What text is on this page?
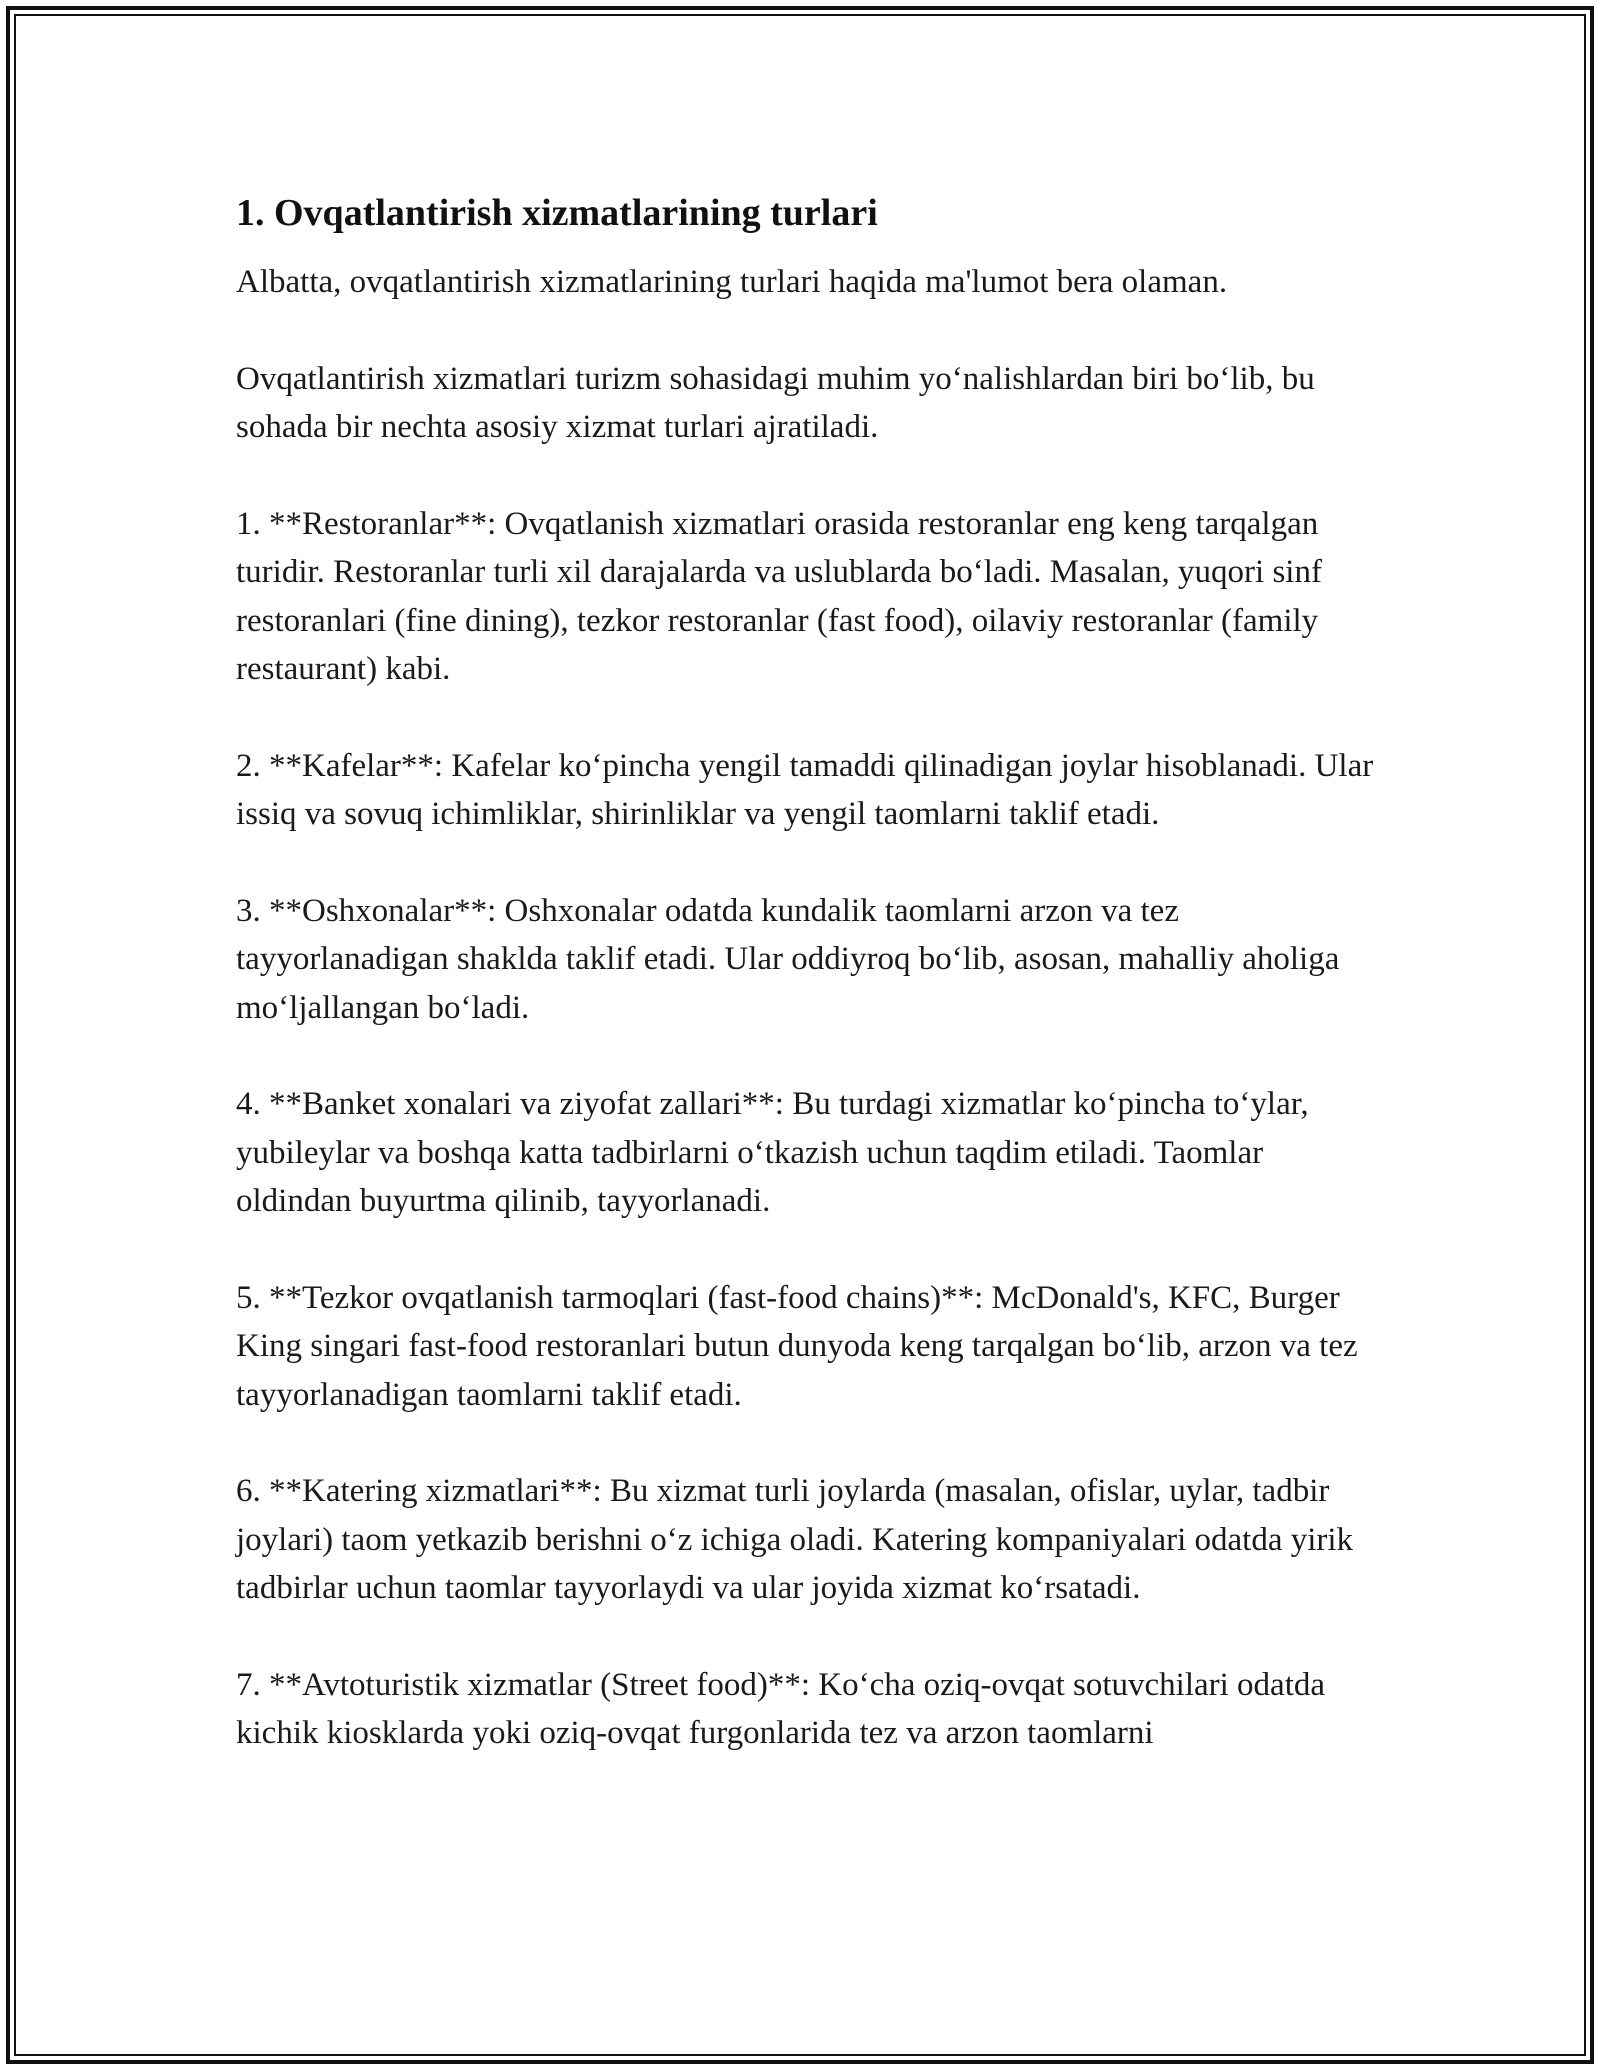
1. Ovqatlantirish xizmatlarining turlari

Albatta, ovqatlantirish xizmatlarining turlari haqida ma'lumot bera olaman.

Ovqatlantirish xizmatlari turizm sohasidagi muhim yo‘nalishlardan biri bo‘lib, bu sohada bir nechta asosiy xizmat turlari ajratiladi.

1. **Restoranlar**: Ovqatlanish xizmatlari orasida restoranlar eng keng tarqalgan turidir. Restoranlar turli xil darajalarda va uslublarda bo‘ladi. Masalan, yuqori sinf restoranlari (fine dining), tezkor restoranlar (fast food), oilaviy restoranlar (family restaurant) kabi.

2. **Kafelar**: Kafelar ko‘pincha yengil tamaddi qilinadigan joylar hisoblanadi. Ular issiq va sovuq ichimliklar, shirinliklar va yengil taomlarni taklif etadi.

3. **Oshxonalar**: Oshxonalar odatda kundalik taomlarni arzon va tez tayyorlanadigan shaklda taklif etadi. Ular oddiyroq bo‘lib, asosan, mahalliy aholiga mo‘ljallangan bo‘ladi.

4. **Banket xonalari va ziyofat zallari**: Bu turdagi xizmatlar ko‘pincha to‘ylar, yubileylar va boshqa katta tadbirlarni o‘tkazish uchun taqdim etiladi. Taomlar oldindan buyurtma qilinib, tayyorlanadi.

5. **Tezkor ovqatlanish tarmoqlari (fast-food chains)**: McDonald's, KFC, Burger King singari fast-food restoranlari butun dunyoda keng tarqalgan bo‘lib, arzon va tez tayyorlanadigan taomlarni taklif etadi.

6. **Katering xizmatlari**: Bu xizmat turli joylarda (masalan, ofislar, uylar, tadbir joylari) taom yetkazib berishni o‘z ichiga oladi. Katering kompaniyalari odatda yirik tadbirlar uchun taomlar tayyorlaydi va ular joyida xizmat ko‘rsatadi.

7. **Avtoturistik xizmatlar (Street food)**: Ko‘cha oziq-ovqat sotuvchilari odatda kichik kiosklarda yoki oziq-ovqat furgonlarida tez va arzon taomlarni
